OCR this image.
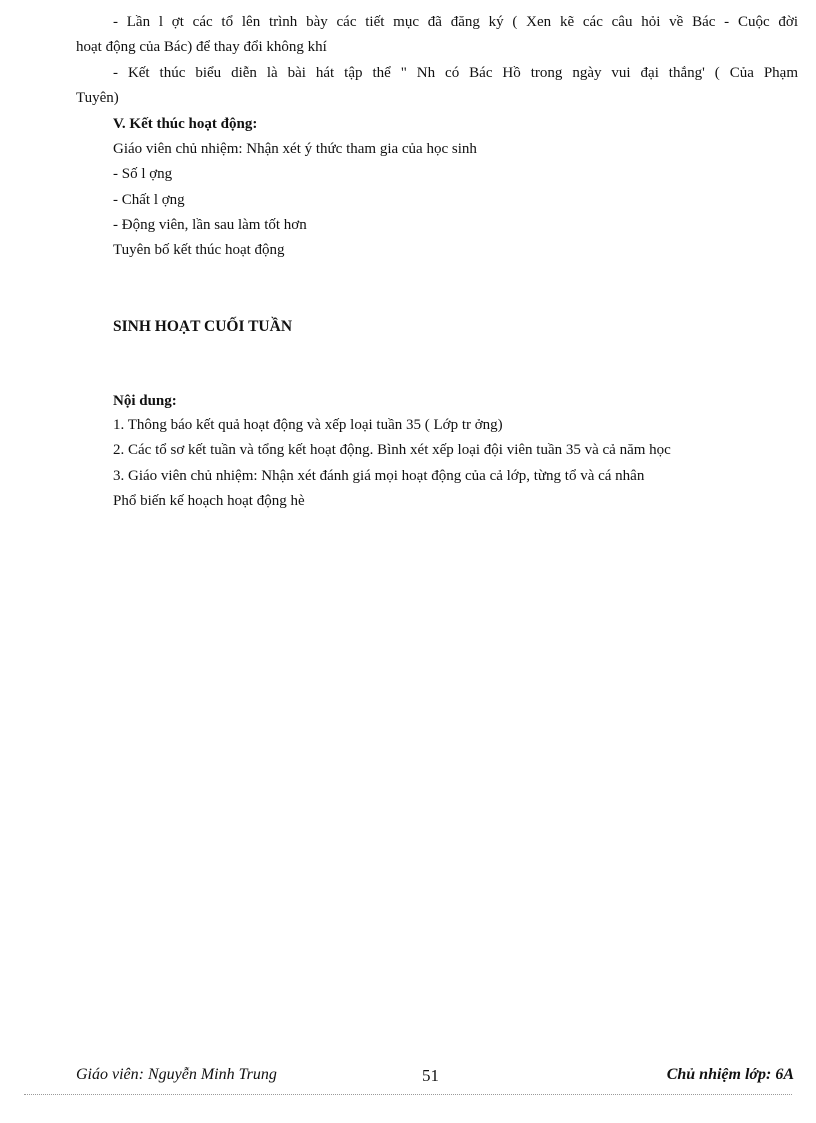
- Lần l ợt các tổ lên trình bày các tiết mục đã đăng ký ( Xen kẽ các câu hỏi về Bác - Cuộc đời
hoạt động của Bác) để thay đổi không khí
- Kết thúc biểu diễn là bài hát tập thể " Nh có Bác Hồ trong ngày vui đại thắng' ( Của Phạm
Tuyên)
V. Kết thúc hoạt động:
Giáo viên chủ nhiệm: Nhận xét ý thức tham gia của học sinh
- Số l ợng
- Chất l ợng
- Động viên, lần sau làm tốt hơn
Tuyên bố kết thúc hoạt động
SINH HOẠT CUỐI TUẦN
Nội dung:
1. Thông báo kết quả hoạt động và xếp loại tuần 35 ( Lớp tr ởng)
2. Các tổ sơ kết tuần và tổng kết hoạt động. Bình xét xếp loại đội viên tuần 35 và cả năm học
3. Giáo viên chủ nhiệm: Nhận xét đánh giá mọi hoạt động của cả lớp, từng tổ và cá nhân
Phổ biến kế hoạch hoạt động hè
Giáo viên: Nguyễn Minh Trung	51	Chủ nhiệm lớp: 6A
